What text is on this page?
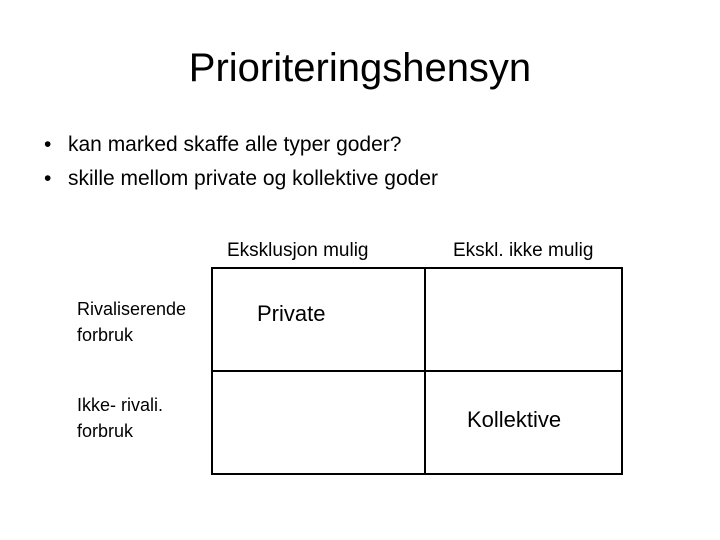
Prioriteringshensyn
• kan marked skaffe alle typer goder?
• skille mellom private og kollektive goder
Eksklusjon mulig	Ekskl. ikke mulig
Rivaliserende
forbruk
Ikke- rivali.
forbruk
Private
Kollektive
